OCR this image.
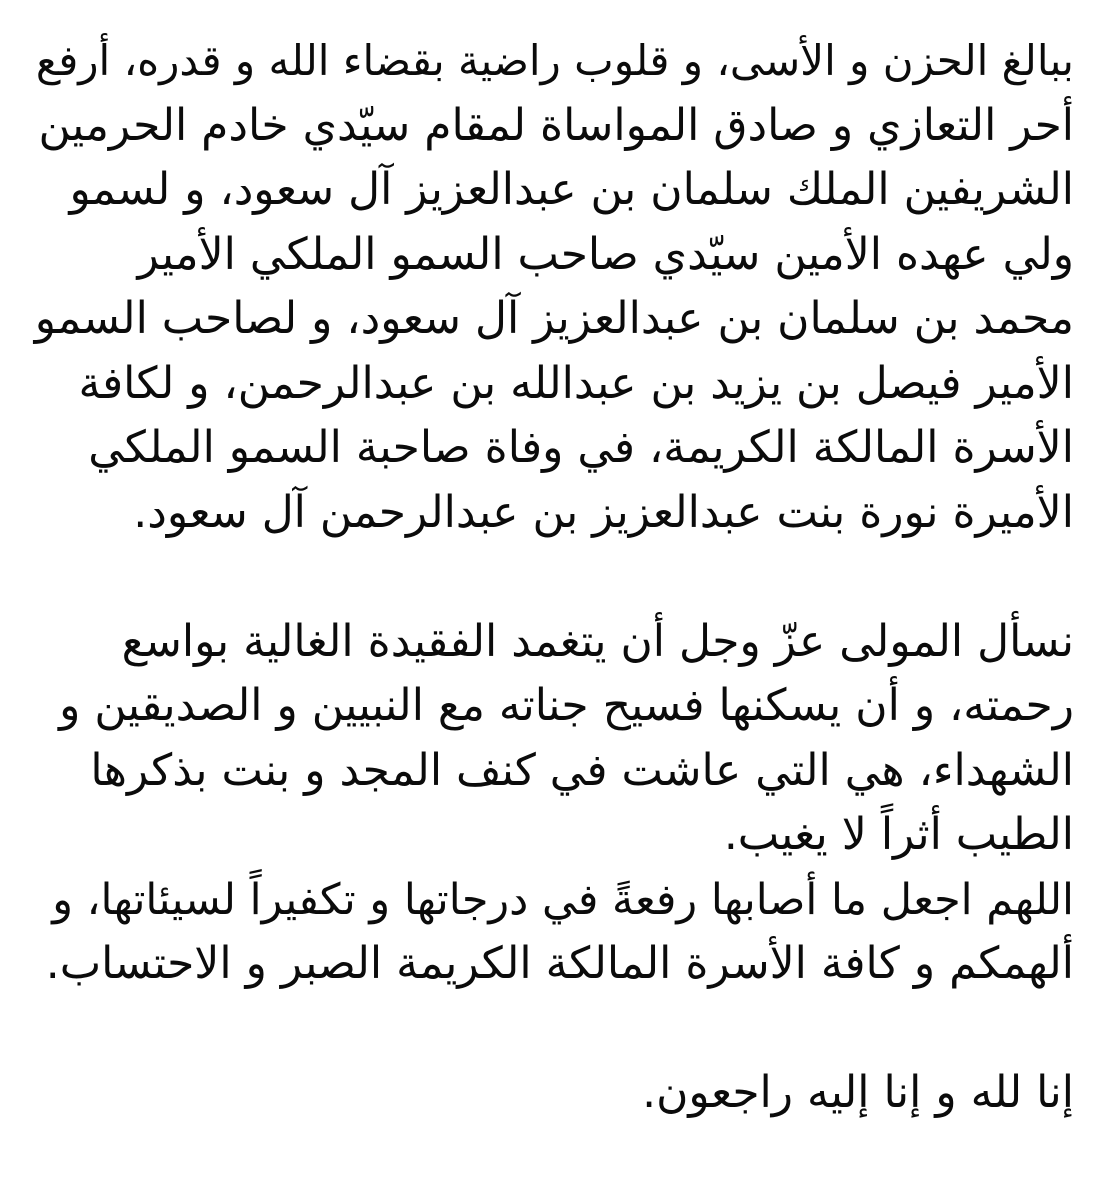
ببالغ الحزن و الأسى، و قلوب راضية بقضاء الله و قدره، أرفع
أحر التعازي و صادق المواساة لمقام سيّدي خادم الحرمين
الشريفين الملك سلمان بن عبدالعزيز آل سعود، و لسمو
ولي عهده الأمين سيّدي صاحب السمو الملكي الأمير
محمد بن سلمان بن عبدالعزيز آل سعود، و لصاحب السمو
الأمير فيصل بن يزيد بن عبدالله بن عبدالرحمن، و لكافة
الأسرة المالكة الكريمة، في وفاة صاحبة السمو الملكي
الأميرة نورة بنت عبدالعزيز بن عبدالرحمن آل سعود.
نسأل المولى عزّ وجل أن يتغمد الفقيدة الغالية بواسع
رحمته، و أن يسكنها فسيح جناته مع النبيين و الصديقين و
الشهداء، هي التي عاشت في كنف المجد و بنت بذكرها
الطيب أثراً لا يغيب.
اللهم اجعل ما أصابها رفعةً في درجاتها و تكفيراً لسيئاتها، و
ألهمكم و كافة الأسرة المالكة الكريمة الصبر و الاحتساب.
إنا لله و إنا إليه راجعون.
